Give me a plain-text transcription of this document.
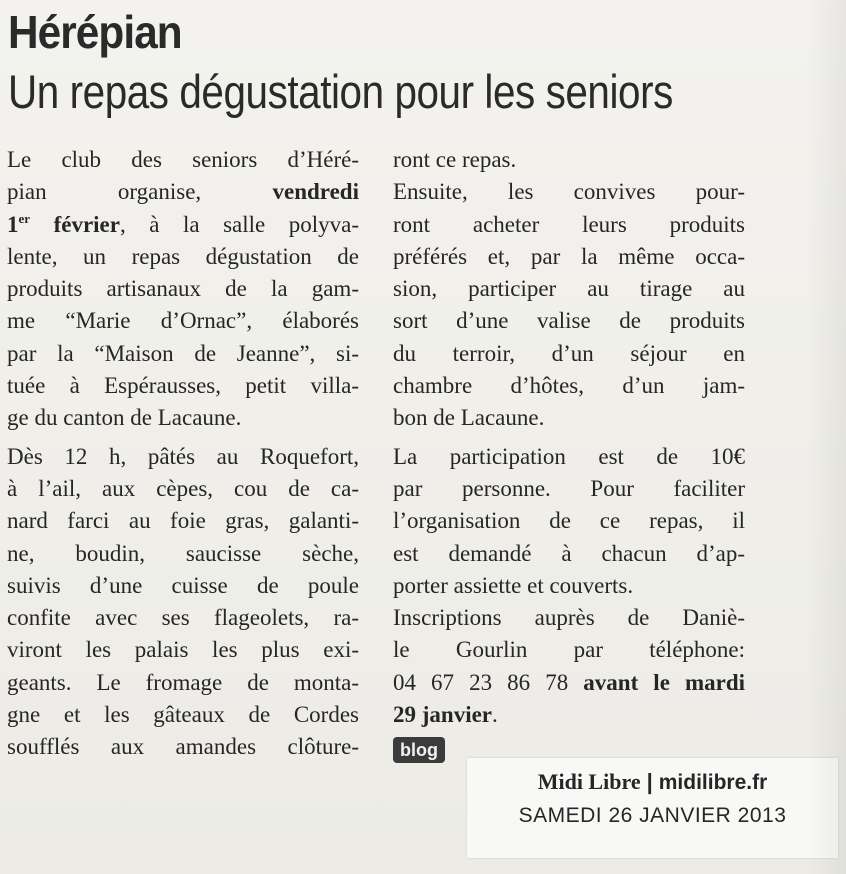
Hérépian
Un repas dégustation pour les seniors
Le club des seniors d’Héré-
pian organise,	vendredi
1er février, à la salle polyva-
lente, un repas dégustation de
produits artisanaux de la gam-
me “Marie d’Ornac”, élaborés
par la “Maison de Jeanne”, si-
tuée à Espérausses, petit villa-
ge du canton de Lacaune.
Dès 12 h, pâtés au Roquefort,
à l’ail, aux cèpes, cou de ca-
nard farci au foie gras, galanti-
ne, boudin, saucisse sèche,
suivis d’une cuisse de poule
confite avec ses flageolets, ra-
viront les palais les plus exi-
geants. Le fromage de monta-
gne et les gâteaux de Cordes
soufflés aux amandes clôture-
ront ce repas.
Ensuite, les convives pour-
ront acheter leurs produits
préférés et, par la même occa-
sion, participer au tirage au
sort d’une valise de produits
du terroir, d’un séjour en
chambre d’hôtes, d’un jam-
bon de Lacaune.
La participation est de 10€
par personne. Pour faciliter
l’organisation de ce repas, il
est demandé à chacun d’ap-
porter assiette et couverts.
Inscriptions auprès de Daniè-
le Gourlin par téléphone:
04 67 23 86 78 avant le mardi
29 janvier.
blog
Midi Libre | midilibre.fr
SAMEDI 26 JANVIER 2013
